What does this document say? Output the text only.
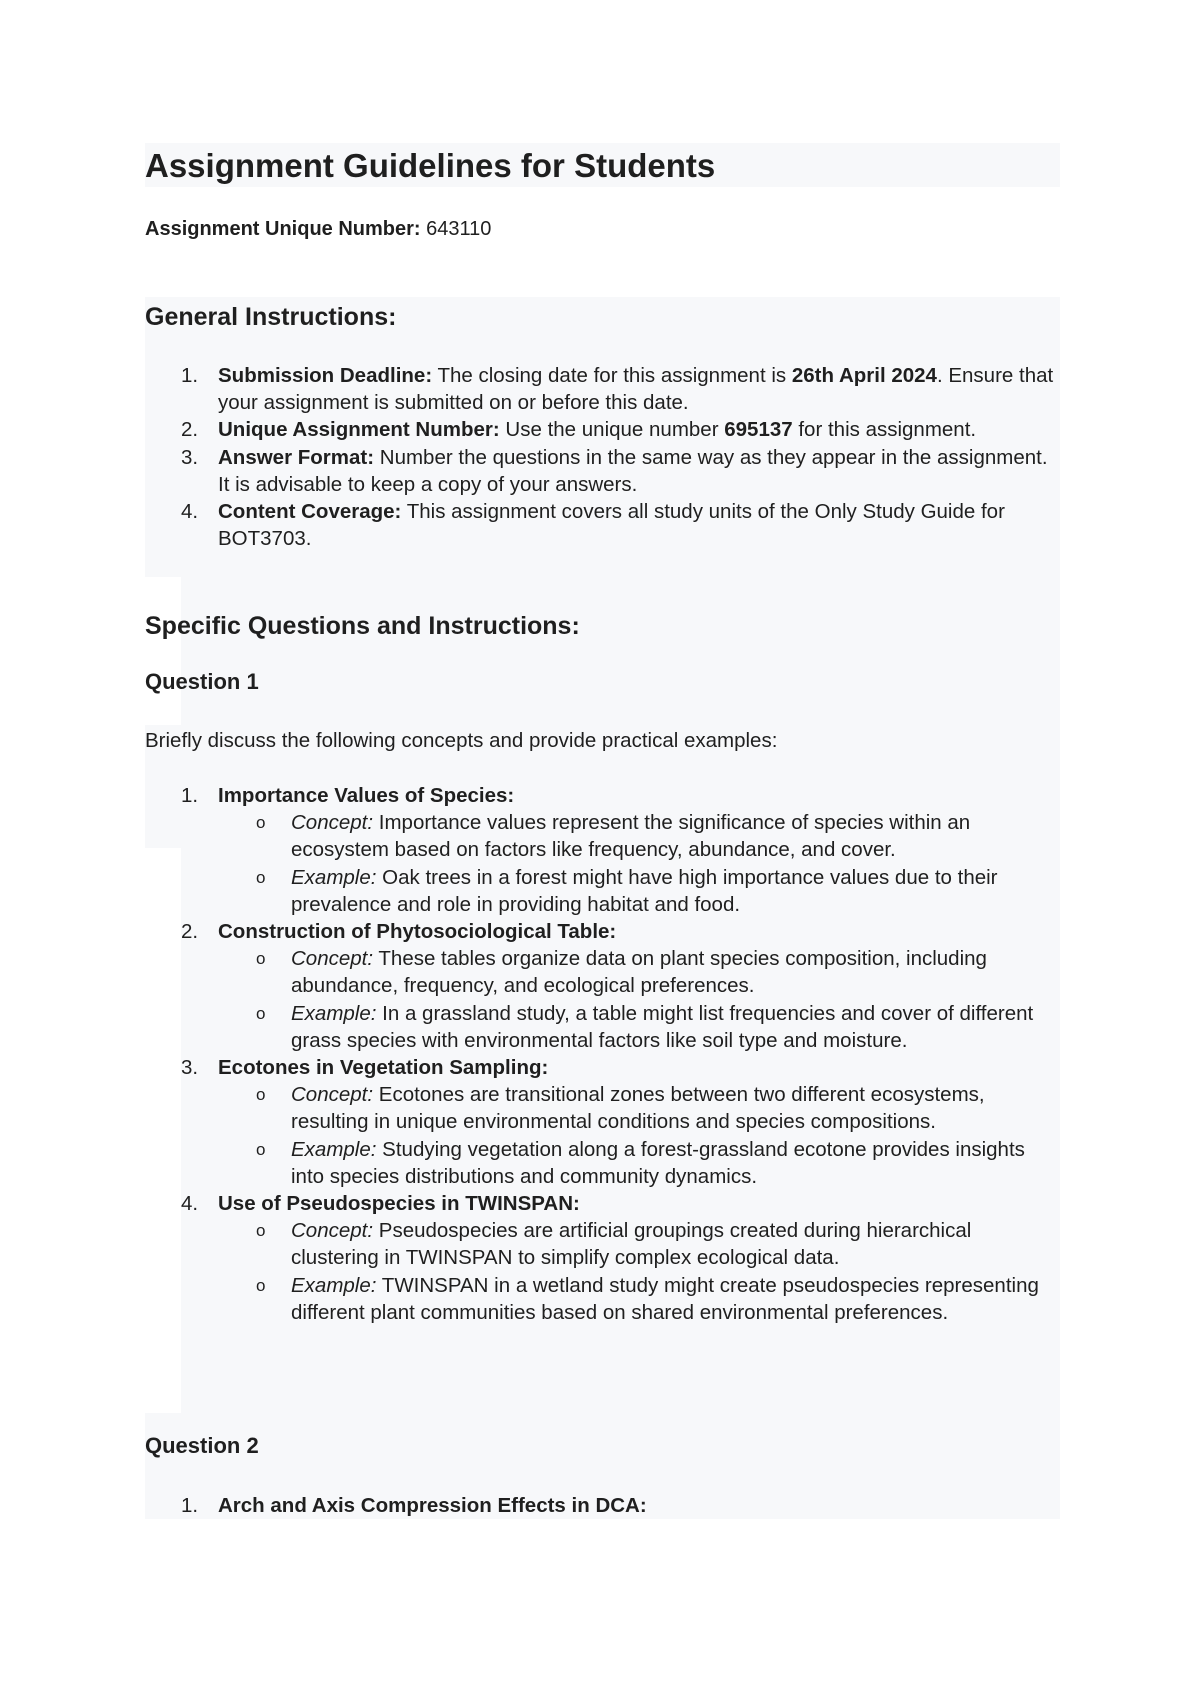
Assignment Guidelines for Students
Assignment Unique Number: 643110
General Instructions:
1. Submission Deadline: The closing date for this assignment is 26th April 2024. Ensure that your assignment is submitted on or before this date.
2. Unique Assignment Number: Use the unique number 695137 for this assignment.
3. Answer Format: Number the questions in the same way as they appear in the assignment. It is advisable to keep a copy of your answers.
4. Content Coverage: This assignment covers all study units of the Only Study Guide for BOT3703.
Specific Questions and Instructions:
Question 1
Briefly discuss the following concepts and provide practical examples:
1. Importance Values of Species:
o Concept: Importance values represent the significance of species within an ecosystem based on factors like frequency, abundance, and cover.
o Example: Oak trees in a forest might have high importance values due to their prevalence and role in providing habitat and food.
2. Construction of Phytosociological Table:
o Concept: These tables organize data on plant species composition, including abundance, frequency, and ecological preferences.
o Example: In a grassland study, a table might list frequencies and cover of different grass species with environmental factors like soil type and moisture.
3. Ecotones in Vegetation Sampling:
o Concept: Ecotones are transitional zones between two different ecosystems, resulting in unique environmental conditions and species compositions.
o Example: Studying vegetation along a forest-grassland ecotone provides insights into species distributions and community dynamics.
4. Use of Pseudospecies in TWINSPAN:
o Concept: Pseudospecies are artificial groupings created during hierarchical clustering in TWINSPAN to simplify complex ecological data.
o Example: TWINSPAN in a wetland study might create pseudospecies representing different plant communities based on shared environmental preferences.
Question 2
1. Arch and Axis Compression Effects in DCA:
